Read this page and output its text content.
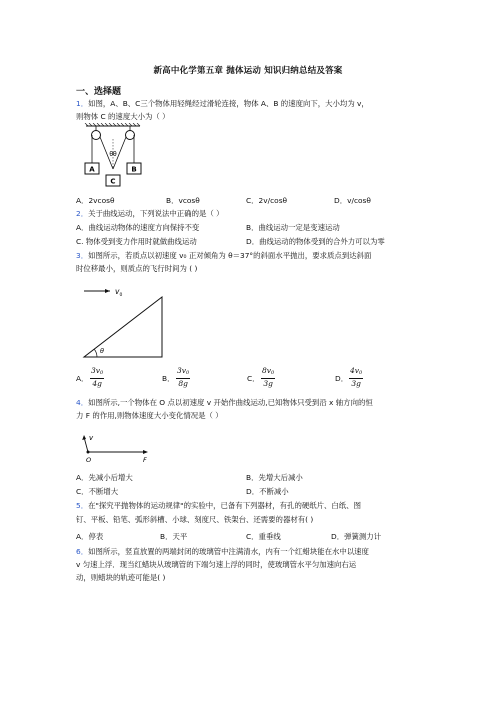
新高中化学第五章 抛体运动 知识归纳总结及答案
一、选择题
1．如图，A、B、C三个物体用轻绳经过滑轮连接，物体 A、B 的速度向下，大小均为 v，
则物体 C 的速度大小为（ ）
θθ
A	B
C
A．2vcosθ	B．vcosθ	C．2v/cosθ	D．v/cosθ
2．关于曲线运动，下列说法中正确的是（ ）
A．曲线运动物体的速度方向保持不变	B．曲线运动一定是变速运动
C. 物体受到变力作用时就做曲线运动	D．曲线运动的物体受到的合外力可以为零
3．如图所示，若质点以初速度 v₀ 正对倾角为 θ＝37°的斜面水平抛出，要求质点到达斜面
时位移最小，则质点的飞行时间为 ( )
v 0
θ
A． $\frac{3v_0}{4g}$	B． $\frac{3v_0}{8g}$	C． $\frac{8v_0}{3g}$	D． $\frac{4v_0}{3g}$
4．如图所示,一个物体在 O 点以初速度 v 开始作曲线运动,已知物体只受到沿 x 轴方向的恒
力 F 的作用,则物体速度大小变化情况是（ ）
v
O	F
A．先减小后增大	B．先增大后减小
C．不断增大	D．不断减小
5．在"探究平抛物体的运动规律"的实验中，已备有下列器材，有孔的硬纸片、白纸、图
钉、平板、铅笔、弧形斜槽、小球、刻度尺、铁架台、还需要的器材有( )
A．停表	B．天平	C．重垂线	D．弹簧测力计
6．如图所示，竖直放置的两端封闭的玻璃管中注满清水，内有一个红蜡块能在水中以速度
v 匀速上浮．现当红蜡块从玻璃管的下端匀速上浮的同时，使玻璃管水平匀加速向右运
动，则蜡块的轨迹可能是( )
